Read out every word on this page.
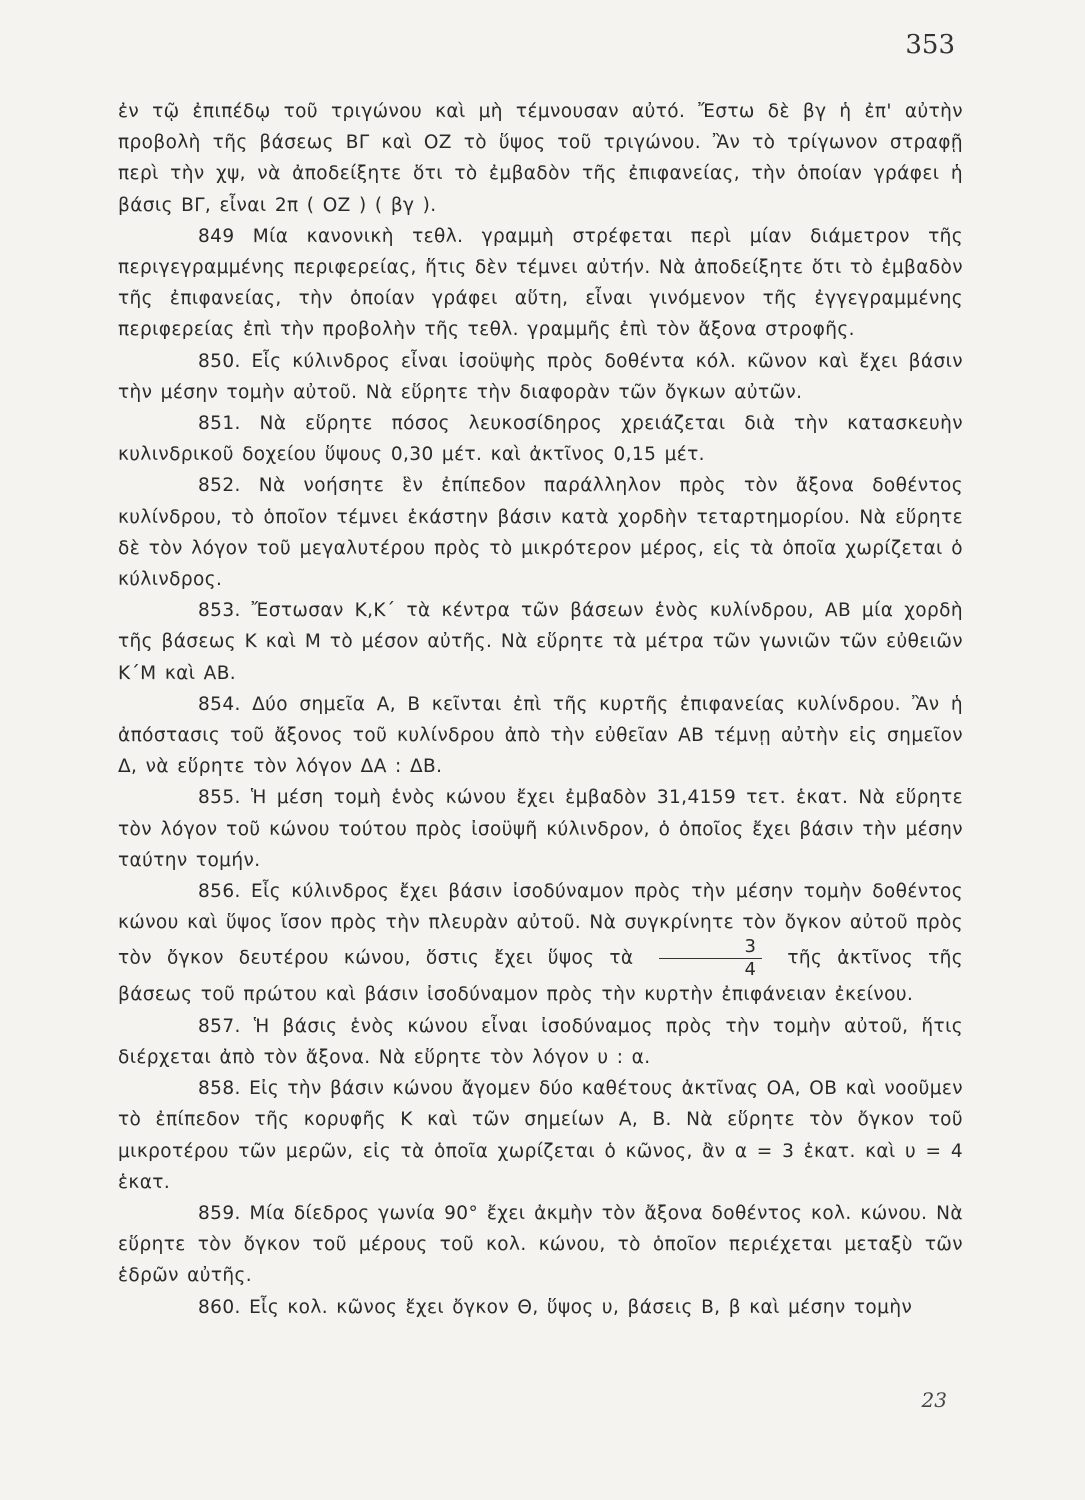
353

ἐν τῷ ἐπιπέδῳ τοῦ τριγώνου καὶ μὴ τέμνουσαν αὐτό. Ἔστω δὲ βγ ἡ ἐπ' αὐτὴν προβολὴ τῆς βάσεως ΒΓ καὶ ΟΖ τὸ ὕψος τοῦ τριγώνου. Ἂν τὸ τρίγωνον στραφῇ περὶ τὴν χψ, νὰ ἀποδείξητε ὅτι τὸ ἐμβαδὸν τῆς ἐπιφανείας, τὴν ὁποίαν γράφει ἡ βάσις ΒΓ, εἶναι 2π ( ΟΖ ) ( βγ ).

849 Μία κανονικὴ τεθλ. γραμμὴ στρέφεται περὶ μίαν διάμετρον τῆς περιγεγραμμένης περιφερείας, ἥτις δὲν τέμνει αὐτήν. Νὰ ἀποδείξητε ὅτι τὸ ἐμβαδὸν τῆς ἐπιφανείας, τὴν ὁποίαν γράφει αὕτη, εἶναι γινόμενον τῆς ἐγγεγραμμένης περιφερείας ἐπὶ τὴν προβολὴν τῆς τεθλ. γραμμῆς ἐπὶ τὸν ἄξονα στροφῆς.

850. Εἷς κύλινδρος εἶναι ἰσοϋψὴς πρὸς δοθέντα κόλ. κῶνον καὶ ἔχει βάσιν τὴν μέσην τομὴν αὐτοῦ. Νὰ εὕρητε τὴν διαφορὰν τῶν ὄγκων αὐτῶν.

851. Νὰ εὕρητε πόσος λευκοσίδηρος χρειάζεται διὰ τὴν κατασκευὴν κυλινδρικοῦ δοχείου ὕψους 0,30 μέτ. καὶ ἀκτῖνος 0,15 μέτ.

852. Νὰ νοήσητε ἓν ἐπίπεδον παράλληλον πρὸς τὸν ἄξονα δοθέντος κυλίνδρου, τὸ ὁποῖον τέμνει ἑκάστην βάσιν κατὰ χορδὴν τεταρτημορίου. Νὰ εὕρητε δὲ τὸν λόγον τοῦ μεγαλυτέρου πρὸς τὸ μικρότερον μέρος, εἰς τὰ ὁποῖα χωρίζεται ὁ κύλινδρος.

853. Ἔστωσαν Κ,Κ΄ τὰ κέντρα τῶν βάσεων ἑνὸς κυλίνδρου, ΑΒ μία χορδὴ τῆς βάσεως Κ καὶ Μ τὸ μέσον αὐτῆς. Νὰ εὕρητε τὰ μέτρα τῶν γωνιῶν τῶν εὐθειῶν Κ΄Μ καὶ ΑΒ.

854. Δύο σημεῖα Α, Β κεῖνται ἐπὶ τῆς κυρτῆς ἐπιφανείας κυλίνδρου. Ἂν ἡ ἀπόστασις τοῦ ἄξονος τοῦ κυλίνδρου ἀπὸ τὴν εὐθεῖαν ΑΒ τέμνῃ αὐτὴν εἰς σημεῖον Δ, νὰ εὕρητε τὸν λόγον ΔΑ : ΔΒ.

855. Ἡ μέση τομὴ ἑνὸς κώνου ἔχει ἐμβαδὸν 31,4159 τετ. ἑκατ. Νὰ εὕρητε τὸν λόγον τοῦ κώνου τούτου πρὸς ἰσοϋψῆ κύλινδρον, ὁ ὁποῖος ἔχει βάσιν τὴν μέσην ταύτην τομήν.

856. Εἷς κύλινδρος ἔχει βάσιν ἰσοδύναμον πρὸς τὴν μέσην τομὴν δοθέντος κώνου καὶ ὕψος ἴσον πρὸς τὴν πλευρὰν αὐτοῦ. Νὰ συγκρίνητε τὸν ὄγκον αὐτοῦ πρὸς τὸν ὄγκον δευτέρου κώνου, ὅστις ἔχει ὕψος τὰ $\frac{3}{4}$ τῆς ἀκτῖνος τῆς βάσεως τοῦ πρώτου καὶ βάσιν ἰσοδύναμον πρὸς τὴν κυρτὴν ἐπιφάνειαν ἐκείνου.

857. Ἡ βάσις ἑνὸς κώνου εἶναι ἰσοδύναμος πρὸς τὴν τομὴν αὐτοῦ, ἥτις διέρχεται ἀπὸ τὸν ἄξονα. Νὰ εὕρητε τὸν λόγον υ : α.

858. Εἰς τὴν βάσιν κώνου ἄγομεν δύο καθέτους ἀκτῖνας ΟΑ, ΟΒ καὶ νοοῦμεν τὸ ἐπίπεδον τῆς κορυφῆς Κ καὶ τῶν σημείων Α, Β. Νὰ εὕρητε τὸν ὄγκον τοῦ μικροτέρου τῶν μερῶν, εἰς τὰ ὁποῖα χωρίζεται ὁ κῶνος, ἂν α = 3 ἑκατ. καὶ υ = 4 ἑκατ.

859. Μία δίεδρος γωνία 90° ἔχει ἀκμὴν τὸν ἄξονα δοθέντος κολ. κώνου. Νὰ εὕρητε τὸν ὄγκον τοῦ μέρους τοῦ κολ. κώνου, τὸ ὁποῖον περιέχεται μεταξὺ τῶν ἑδρῶν αὐτῆς.

860. Εἷς κολ. κῶνος ἔχει ὄγκον Θ, ὕψος υ, βάσεις Β, β καὶ μέσην τομὴν

23
